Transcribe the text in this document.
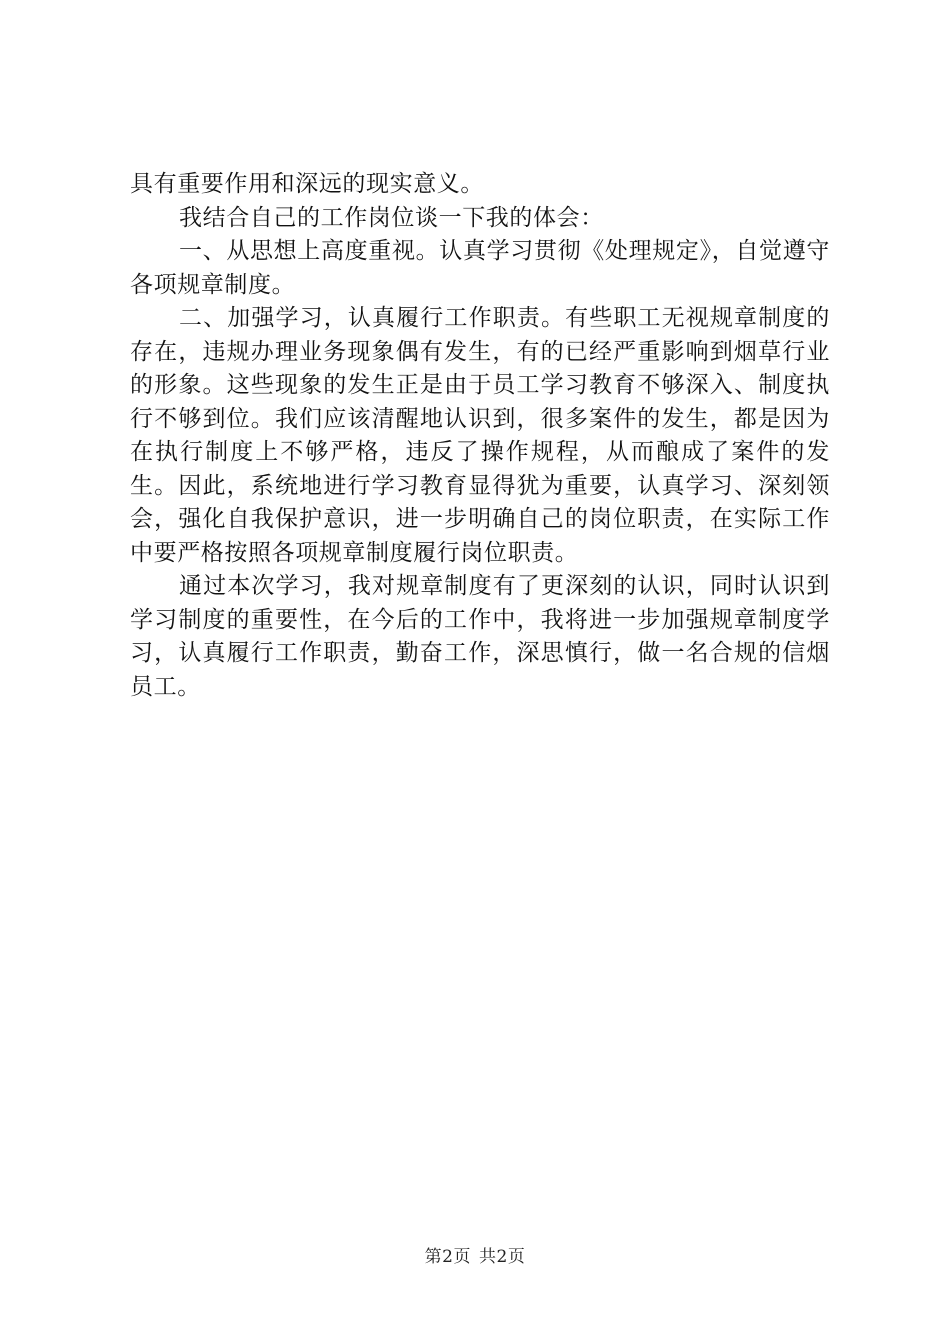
具有重要作用和深远的现实意义。

我结合自己的工作岗位谈一下我的体会：

一、从思想上高度重视。认真学习贯彻《处理规定》，自觉遵守各项规章制度。

二、加强学习，认真履行工作职责。有些职工无视规章制度的存在，违规办理业务现象偶有发生，有的已经严重影响到烟草行业的形象。这些现象的发生正是由于员工学习教育不够深入、制度执行不够到位。我们应该清醒地认识到，很多案件的发生，都是因为在执行制度上不够严格，违反了操作规程，从而酿成了案件的发生。因此，系统地进行学习教育显得犹为重要，认真学习、深刻领会，强化自我保护意识，进一步明确自己的岗位职责，在实际工作中要严格按照各项规章制度履行岗位职责。

通过本次学习，我对规章制度有了更深刻的认识，同时认识到学习制度的重要性，在今后的工作中，我将进一步加强规章制度学习，认真履行工作职责，勤奋工作，深思慎行，做一名合规的信烟员工。

第2页 共2页
